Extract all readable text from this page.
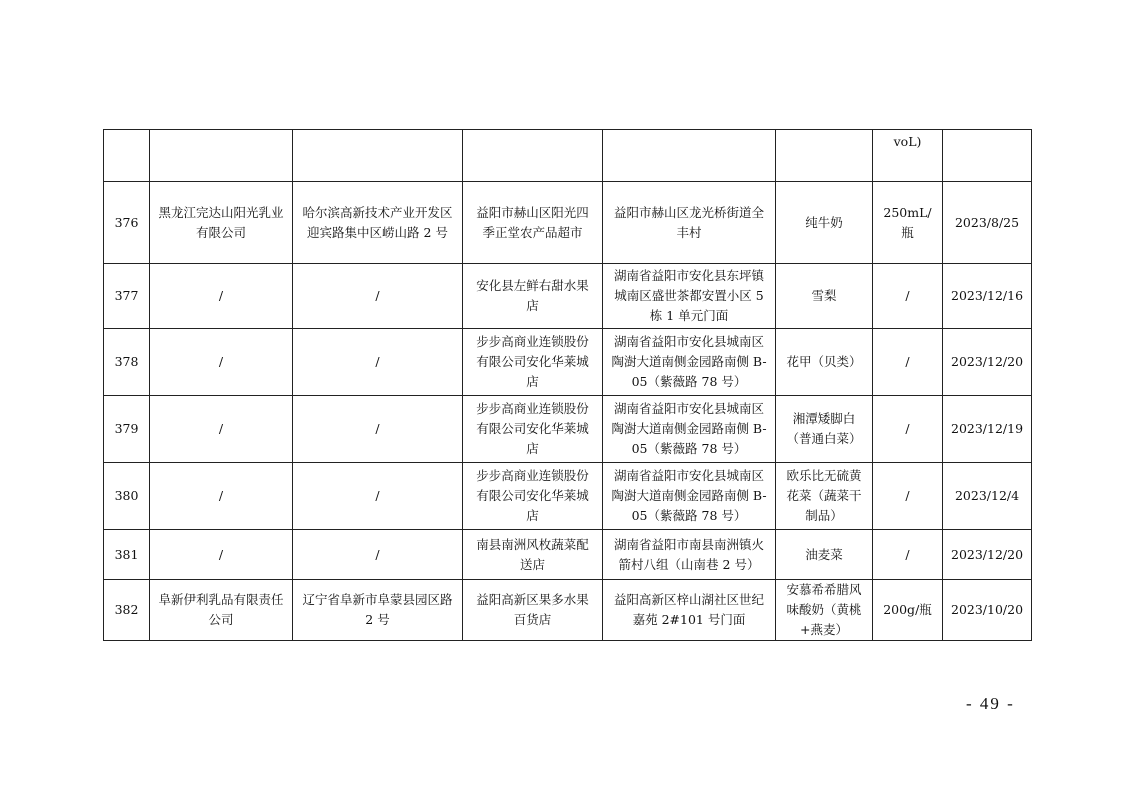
						voL)	
376	黑龙江完达山阳光乳业有限公司	哈尔滨高新技术产业开发区迎宾路集中区崂山路 2 号	益阳市赫山区阳光四季正堂农产品超市	益阳市赫山区龙光桥街道全丰村	纯牛奶	250mL/瓶	2023/8/25
377	/	/	安化县左鲜右甜水果店	湖南省益阳市安化县东坪镇城南区盛世茶都安置小区 5 栋 1 单元门面	雪梨	/	2023/12/16
378	/	/	步步高商业连锁股份有限公司安化华莱城店	湖南省益阳市安化县城南区陶澍大道南侧金园路南侧 B-05（紫薇路 78 号）	花甲（贝类）	/	2023/12/20
379	/	/	步步高商业连锁股份有限公司安化华莱城店	湖南省益阳市安化县城南区陶澍大道南侧金园路南侧 B-05（紫薇路 78 号）	湘潭矮脚白（普通白菜）	/	2023/12/19
380	/	/	步步高商业连锁股份有限公司安化华莱城店	湖南省益阳市安化县城南区陶澍大道南侧金园路南侧 B-05（紫薇路 78 号）	欧乐比无硫黄花菜（蔬菜干制品）	/	2023/12/4
381	/	/	南县南洲风枚蔬菜配送店	湖南省益阳市南县南洲镇火箭村八组（山南巷 2 号）	油麦菜	/	2023/12/20
382	阜新伊利乳品有限责任公司	辽宁省阜新市阜蒙县园区路 2 号	益阳高新区果多水果百货店	益阳高新区梓山湖社区世纪嘉苑 2#101 号门面	安慕希希腊风味酸奶（黄桃+燕麦）	200g/瓶	2023/10/20
- 49 -
